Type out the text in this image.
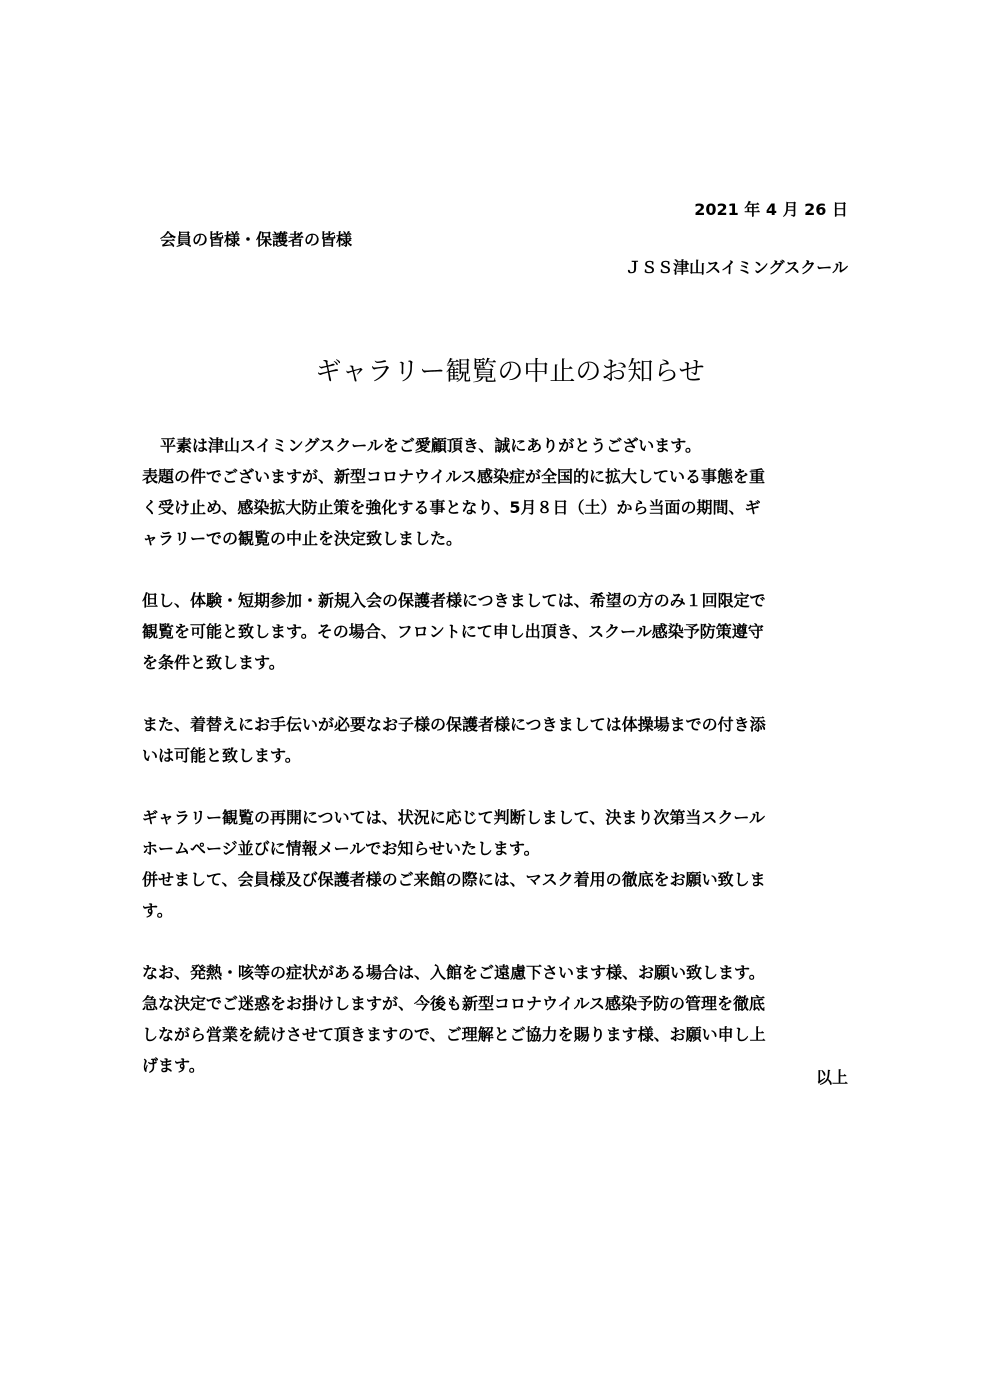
2021 年 4 月 26 日
会員の皆様・保護者の皆様
ＪＳＳ津山スイミングスクール
ギャラリー観覧の中止のお知らせ
平素は津山スイミングスクールをご愛顧頂き、誠にありがとうございます。
表題の件でございますが、新型コロナウイルス感染症が全国的に拡大している事態を重
く受け止め、感染拡大防止策を強化する事となり、5月８日（土）から当面の期間、ギ
ャラリーでの観覧の中止を決定致しました。
但し、体験・短期参加・新規入会の保護者様につきましては、希望の方のみ１回限定で
観覧を可能と致します。その場合、フロントにて申し出頂き、スクール感染予防策遵守
を条件と致します。
また、着替えにお手伝いが必要なお子様の保護者様につきましては体操場までの付き添
いは可能と致します。
ギャラリー観覧の再開については、状況に応じて判断しまして、決まり次第当スクール
ホームページ並びに情報メールでお知らせいたします。
併せまして、会員様及び保護者様のご来館の際には、マスク着用の徹底をお願い致しま
す。
なお、発熱・咳等の症状がある場合は、入館をご遠慮下さいます様、お願い致します。
急な決定でご迷惑をお掛けしますが、今後も新型コロナウイルス感染予防の管理を徹底
しながら営業を続けさせて頂きますので、ご理解とご協力を賜ります様、お願い申し上
げます。
以上
